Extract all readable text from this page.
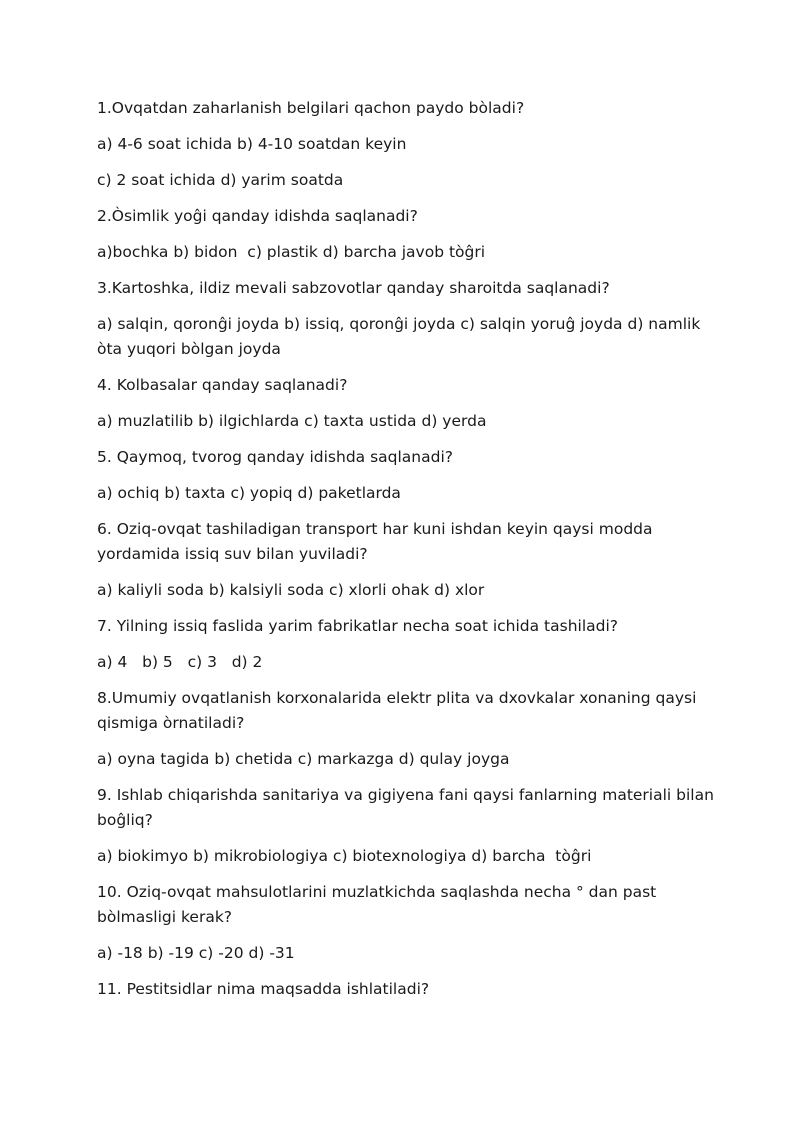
1.Ovqatdan zaharlanish belgilari qachon paydo bòladi?

a) 4-6 soat ichida b) 4-10 soatdan keyin

c) 2 soat ichida d) yarim soatda

2.Òsimlik yoĝi qanday idishda saqlanadi?

a)bochka b) bidon  c) plastik d) barcha javob tòĝri

3.Kartoshka, ildiz mevali sabzovotlar qanday sharoitda saqlanadi?

a) salqin, qoronĝi joyda b) issiq, qoronĝi joyda c) salqin yoruĝ joyda d) namlik òta yuqori bòlgan joyda

4. Kolbasalar qanday saqlanadi?

a) muzlatilib b) ilgichlarda c) taxta ustida d) yerda

5. Qaymoq, tvorog qanday idishda saqlanadi?

a) ochiq b) taxta c) yopiq d) paketlarda

6. Oziq-ovqat tashiladigan transport har kuni ishdan keyin qaysi modda yordamida issiq suv bilan yuviladi?

a) kaliyli soda b) kalsiyli soda c) xlorli ohak d) xlor

7. Yilning issiq faslida yarim fabrikatlar necha soat ichida tashiladi?

a) 4   b) 5   c) 3   d) 2

8.Umumiy ovqatlanish korxonalarida elektr plita va dxovkalar xonaning qaysi qismiga òrnatiladi?

a) oyna tagida b) chetida c) markazga d) qulay joyga

9. Ishlab chiqarishda sanitariya va gigiyena fani qaysi fanlarning materiali bilan boĝliq?

a) biokimyo b) mikrobiologiya c) biotexnologiya d) barcha  tòĝri

10. Oziq-ovqat mahsulotlarini muzlatkichda saqlashda necha ° dan past bòlmasligi kerak?

a) -18 b) -19 c) -20 d) -31

11. Pestitsidlar nima maqsadda ishlatiladi?
